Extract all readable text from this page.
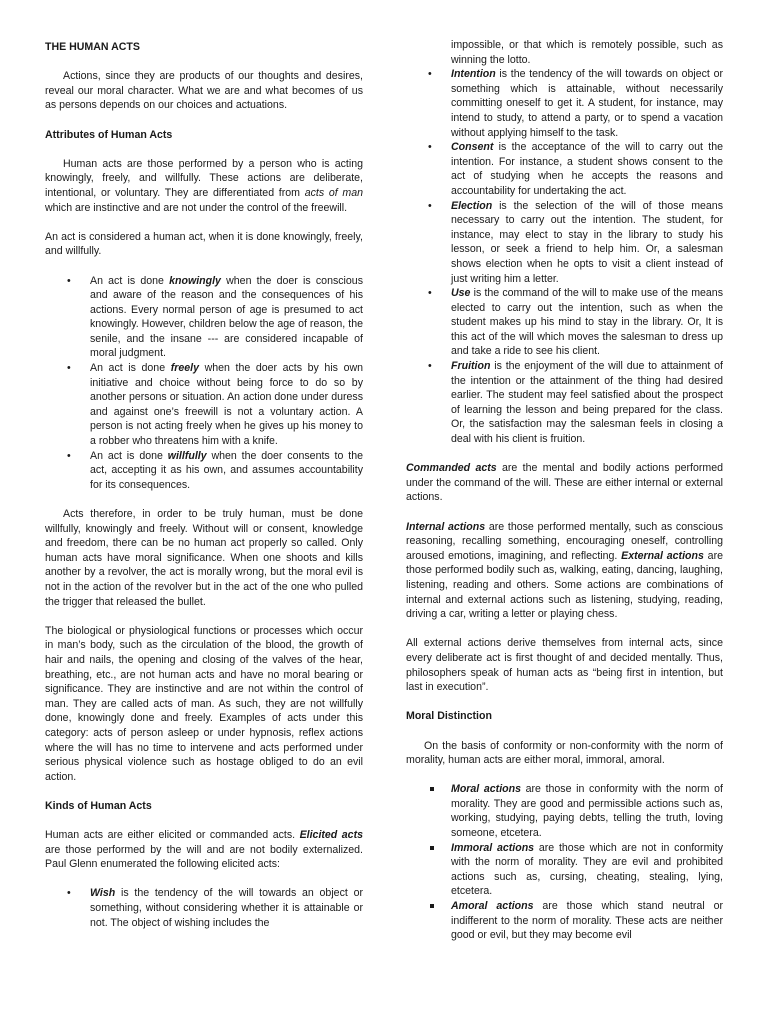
THE HUMAN ACTS

Actions, since they are products of our thoughts and desires, reveal our moral character. What we are and what becomes of us as persons depends on our choices and actuations.

Attributes of Human Acts

Human acts are those performed by a person who is acting knowingly, freely, and willfully. These actions are deliberate, intentional, or voluntary. They are differentiated from acts of man which are instinctive and are not under the control of the freewill.

An act is considered a human act, when it is done knowingly, freely, and willfully.

•	An act is done knowingly when the doer is conscious and aware of the reason and the consequences of his actions. Every normal person of age is presumed to act knowingly. However, children below the age of reason, the senile, and the insane --- are considered incapable of moral judgment.
•	An act is done freely when the doer acts by his own initiative and choice without being force to do so by another persons or situation. An action done under duress and against one’s freewill is not a voluntary action. A person is not acting freely when he gives up his money to a robber who threatens him with a knife.
•	An act is done willfully when the doer consents to the act, accepting it as his own, and assumes accountability for its consequences.

Acts therefore, in order to be truly human, must be done willfully, knowingly and freely. Without will or consent, knowledge and freedom, there can be no human act properly so called. Only human acts have moral significance. When one shoots and kills another by a revolver, the act is morally wrong, but the moral evil is not in the action of the revolver but in the act of the one who pulled the trigger that released the bullet.

The biological or physiological functions or processes which occur in man’s body, such as the circulation of the blood, the growth of hair and nails, the opening and closing of the valves of the hear, breathing, etc., are not human acts and have no moral bearing or significance. They are instinctive and are not within the control of man. They are called acts of man. As such, they are not willfully done, knowingly done and freely. Examples of acts under this category: acts of person asleep or under hypnosis, reflex actions where the will has no time to intervene and acts performed under serious physical violence such as hostage obliged to do an evil action.

Kinds of Human Acts

Human acts are either elicited or commanded acts. Elicited acts are those performed by the will and are not bodily externalized. Paul Glenn enumerated the following elicited acts:

•	Wish is the tendency of the will towards an object or something, without considering whether it is attainable or not. The object of wishing includes the

impossible, or that which is remotely possible, such as winning the lotto.

•	Intention is the tendency of the will towards on object or something which is attainable, without necessarily committing oneself to get it. A student, for instance, may intend to study, to attend a party, or to spend a vacation without applying himself to the task.
•	Consent is the acceptance of the will to carry out the intention. For instance, a student shows consent to the act of studying when he accepts the reasons and accountability for undertaking the act.
•	Election is the selection of the will of those means necessary to carry out the intention. The student, for instance, may elect to stay in the library to study his lesson, or seek a friend to help him. Or, a salesman shows election when he opts to visit a client instead of just writing him a letter.
•	Use is the command of the will to make use of the means elected to carry out the intention, such as when the student makes up his mind to stay in the library. Or, It is this act of the will which moves the salesman to dress up and take a ride to see his client.
•	Fruition is the enjoyment of the will due to attainment of the intention or the attainment of the thing had desired earlier. The student may feel satisfied about the prospect of learning the lesson and being prepared for the class. Or, the satisfaction may the salesman feels in closing a deal with his client is fruition.

Commanded acts are the mental and bodily actions performed under the command of the will. These are either internal or external actions.

Internal actions are those performed mentally, such as conscious reasoning, recalling something, encouraging oneself, controlling aroused emotions, imagining, and reflecting. External actions are those performed bodily such as, walking, eating, dancing, laughing, listening, reading and others. Some actions are combinations of internal and external actions such as listening, studying, reading, driving a car, writing a letter or playing chess.

All external actions derive themselves from internal acts, since every deliberate act is first thought of and decided mentally. Thus, philosophers speak of human acts as “being first in intention, but last in execution”.

Moral Distinction

On the basis of conformity or non-conformity with the norm of morality, human acts are either moral, immoral, amoral.

Moral actions are those in conformity with the norm of morality. They are good and permissible actions such as, working, studying, paying debts, telling the truth, loving someone, etcetera.
Immoral actions are those which are not in conformity with the norm of morality. They are evil and prohibited actions such as, cursing, cheating, stealing, lying, etcetera.
Amoral actions are those which stand neutral or indifferent to the norm of morality. These acts are neither good or evil, but they may become evil
